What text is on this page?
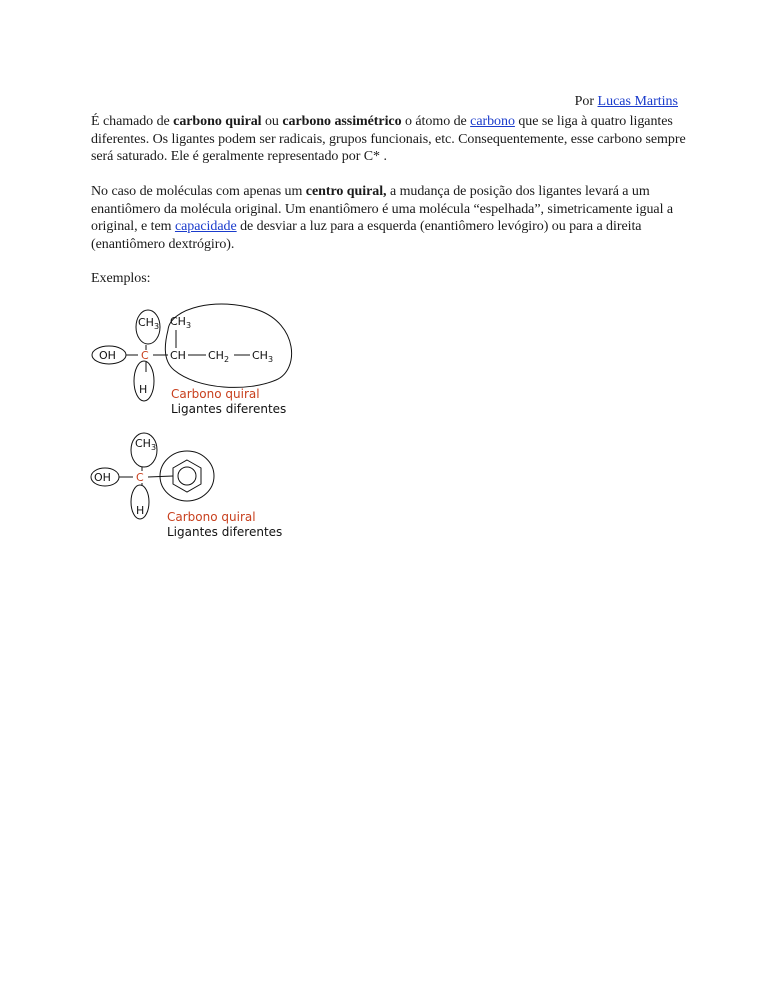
Por Lucas Martins
É chamado de carbono quiral ou carbono assimétrico o átomo de carbono que se liga à quatro ligantes diferentes. Os ligantes podem ser radicais, grupos funcionais, etc. Consequentemente, esse carbono sempre será saturado. Ele é geralmente representado por C* .
No caso de moléculas com apenas um centro quiral, a mudança de posição dos ligantes levará a um enantiômero da molécula original. Um enantiômero é uma molécula “espelhada”, simetricamente igual a original, e tem capacidade de desviar a luz para a esquerda (enantiômero levógiro) ou para a direita (enantiômero dextrógiro).
Exemplos:
$CH_3$ $CH_3$
OH C CH $CH_2$ $CH_3$
H Carbono quiral
Ligantes diferentes
$CH_3$
OH C
H Carbono quiral
Ligantes diferentes
